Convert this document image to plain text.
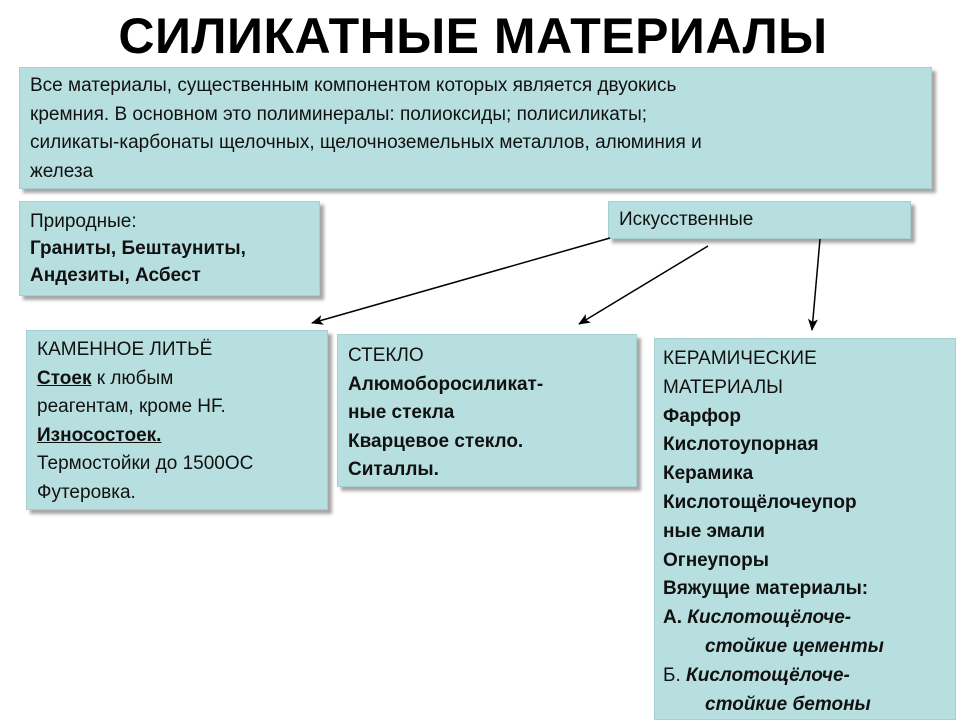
СИЛИКАТНЫЕ МАТЕРИАЛЫ
Все материалы, существенным компонентом которых является двуокись
кремния. В основном это полиминералы: полиоксиды; полисиликаты;
силикаты-карбонаты щелочных, щелочноземельных металлов, алюминия и
железа
Природные:
Граниты, Бештауниты,
Андезиты, Асбест
Искусственные
КАМЕННОЕ ЛИТЬЁ
Стоек к любым
реагентам, кроме HF.
Износостоек.
Термостойки до 1500ОС
Футеровка.
СТЕКЛО
Алюмоборосиликат-
ные стекла
Кварцевое стекло.
Ситаллы.
КЕРАМИЧЕСКИЕ
МАТЕРИАЛЫ
Фарфор
Кислотоупорная
Керамика
Кислотощёлочеупор
ные эмали
Огнеупоры
Вяжущие материалы:
А. Кислотощёлоче-
стойкие цементы
Б. Кислотощёлоче-
стойкие бетоны
